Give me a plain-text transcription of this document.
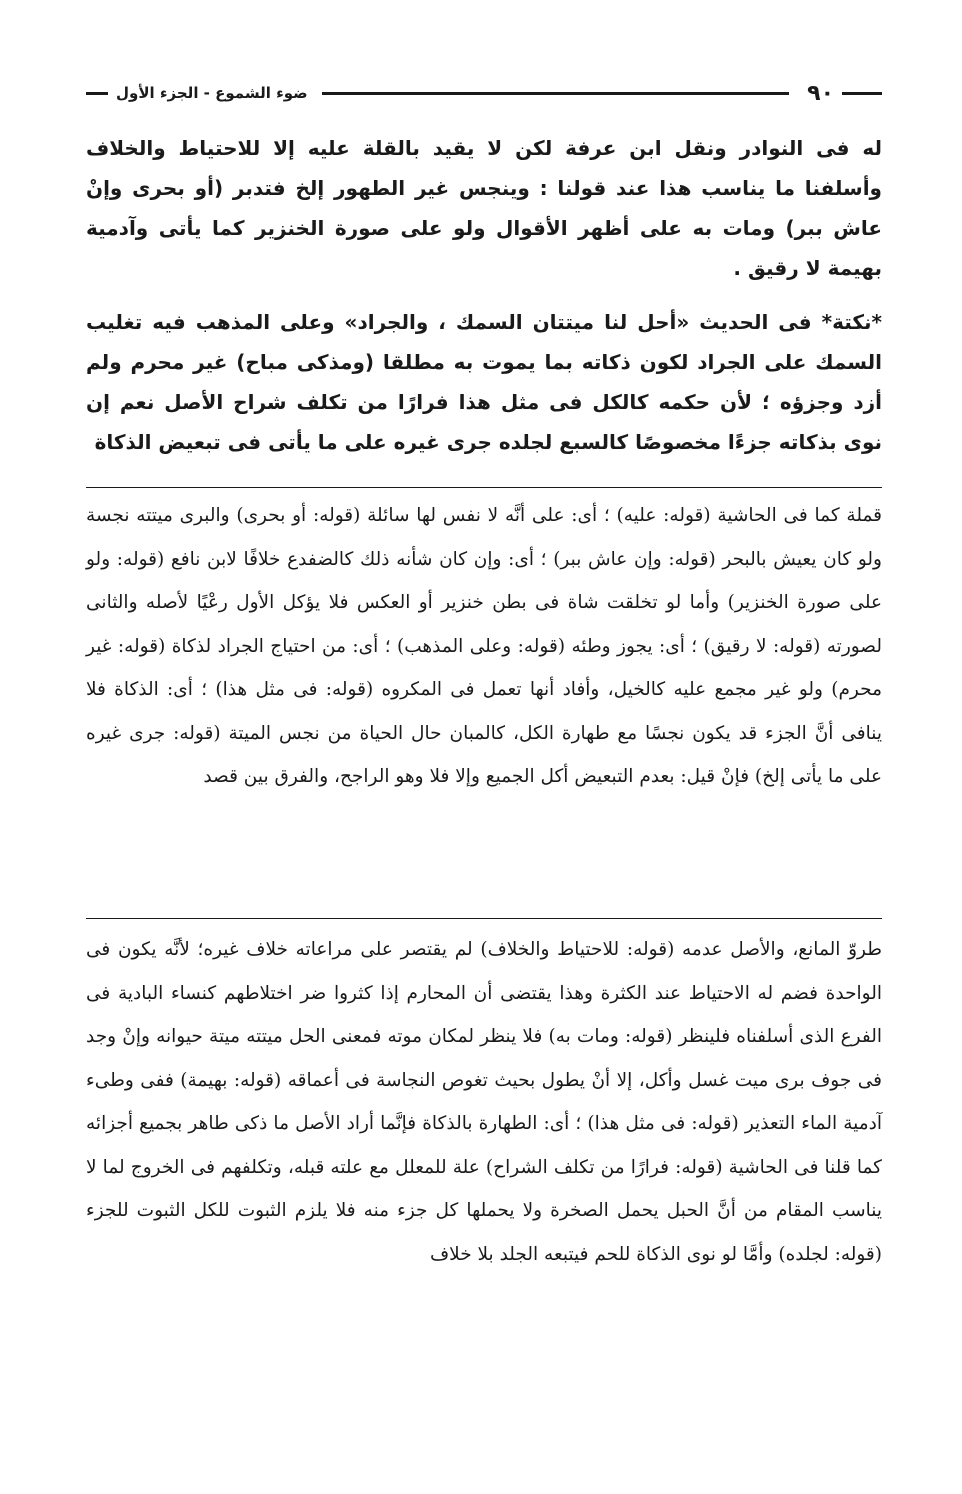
٩٠
ضوء الشموع - الجزء الأول

له فى النوادر ونقل ابن عرفة لكن لا يقيد بالقلة عليه إلا للاحتياط والخلاف وأسلفنا ما يناسب هذا عند قولنا : وينجس غير الطهور إلخ فتدبر (أو بحرى وإنْ عاش ببر) ومات به على أظهر الأقوال ولو على صورة الخنزير كما يأتى وآدمية بهيمة لا رقيق .

*نكتة* فى الحديث «أحل لنا ميتتان السمك ، والجراد» وعلى المذهب فيه تغليب السمك على الجراد لكون ذكاته بما يموت به مطلقا (ومذكى مباح) غير محرم ولم أزد وجزؤه ؛ لأن حكمه كالكل فى مثل هذا فرارًا من تكلف شراح الأصل نعم إن نوى بذكاته جزءًا مخصوصًا كالسبع لجلده جرى غيره على ما يأتى فى تبعيض الذكاة

قملة كما فى الحاشية (قوله: عليه) ؛ أى: على أنَّه لا نفس لها سائلة (قوله: أو بحرى) والبرى ميتته نجسة ولو كان يعيش بالبحر (قوله: وإن عاش ببر) ؛ أى: وإن كان شأنه ذلك كالضفدع خلافًا لابن نافع (قوله: ولو على صورة الخنزير) وأما لو تخلقت شاة فى بطن خنزير أو العكس فلا يؤكل الأول رعْيًا لأصله والثانى لصورته (قوله: لا رقيق) ؛ أى: يجوز وطئه (قوله: وعلى المذهب) ؛ أى: من احتياج الجراد لذكاة (قوله: غير محرم) ولو غير مجمع عليه كالخيل، وأفاد أنها تعمل فى المكروه (قوله: فى مثل هذا) ؛ أى: الذكاة فلا ينافى أنَّ الجزء قد يكون نجسًا مع طهارة الكل، كالمبان حال الحياة من نجس الميتة (قوله: جرى غيره على ما يأتى إلخ) فإنْ قيل: بعدم التبعيض أكل الجميع وإلا فلا وهو الراجح، والفرق بين قصد

طروّ المانع، والأصل عدمه (قوله: للاحتياط والخلاف) لم يقتصر على مراعاته خلاف غيره؛ لأنَّه يكون فى الواحدة فضم له الاحتياط عند الكثرة وهذا يقتضى أن المحارم إذا كثروا ضر اختلاطهم كنساء البادية فى الفرع الذى أسلفناه فلينظر (قوله: ومات به) فلا ينظر لمكان موته فمعنى الحل ميتته ميتة حيوانه وإنْ وجد فى جوف برى ميت غسل وأكل، إلا أنْ يطول بحيث تغوص النجاسة فى أعماقه (قوله: بهيمة) ففى وطىء آدمية الماء التعذير (قوله: فى مثل هذا) ؛ أى: الطهارة بالذكاة فإنَّما أراد الأصل ما ذكى طاهر بجميع أجزائه كما قلنا فى الحاشية (قوله: فرارًا من تكلف الشراح) علة للمعلل مع علته قبله، وتكلفهم فى الخروج لما لا يناسب المقام من أنَّ الحبل يحمل الصخرة ولا يحملها كل جزء منه فلا يلزم الثبوت للكل الثبوت للجزء (قوله: لجلده) وأمَّا لو نوى الذكاة للحم فيتبعه الجلد بلا خلاف
